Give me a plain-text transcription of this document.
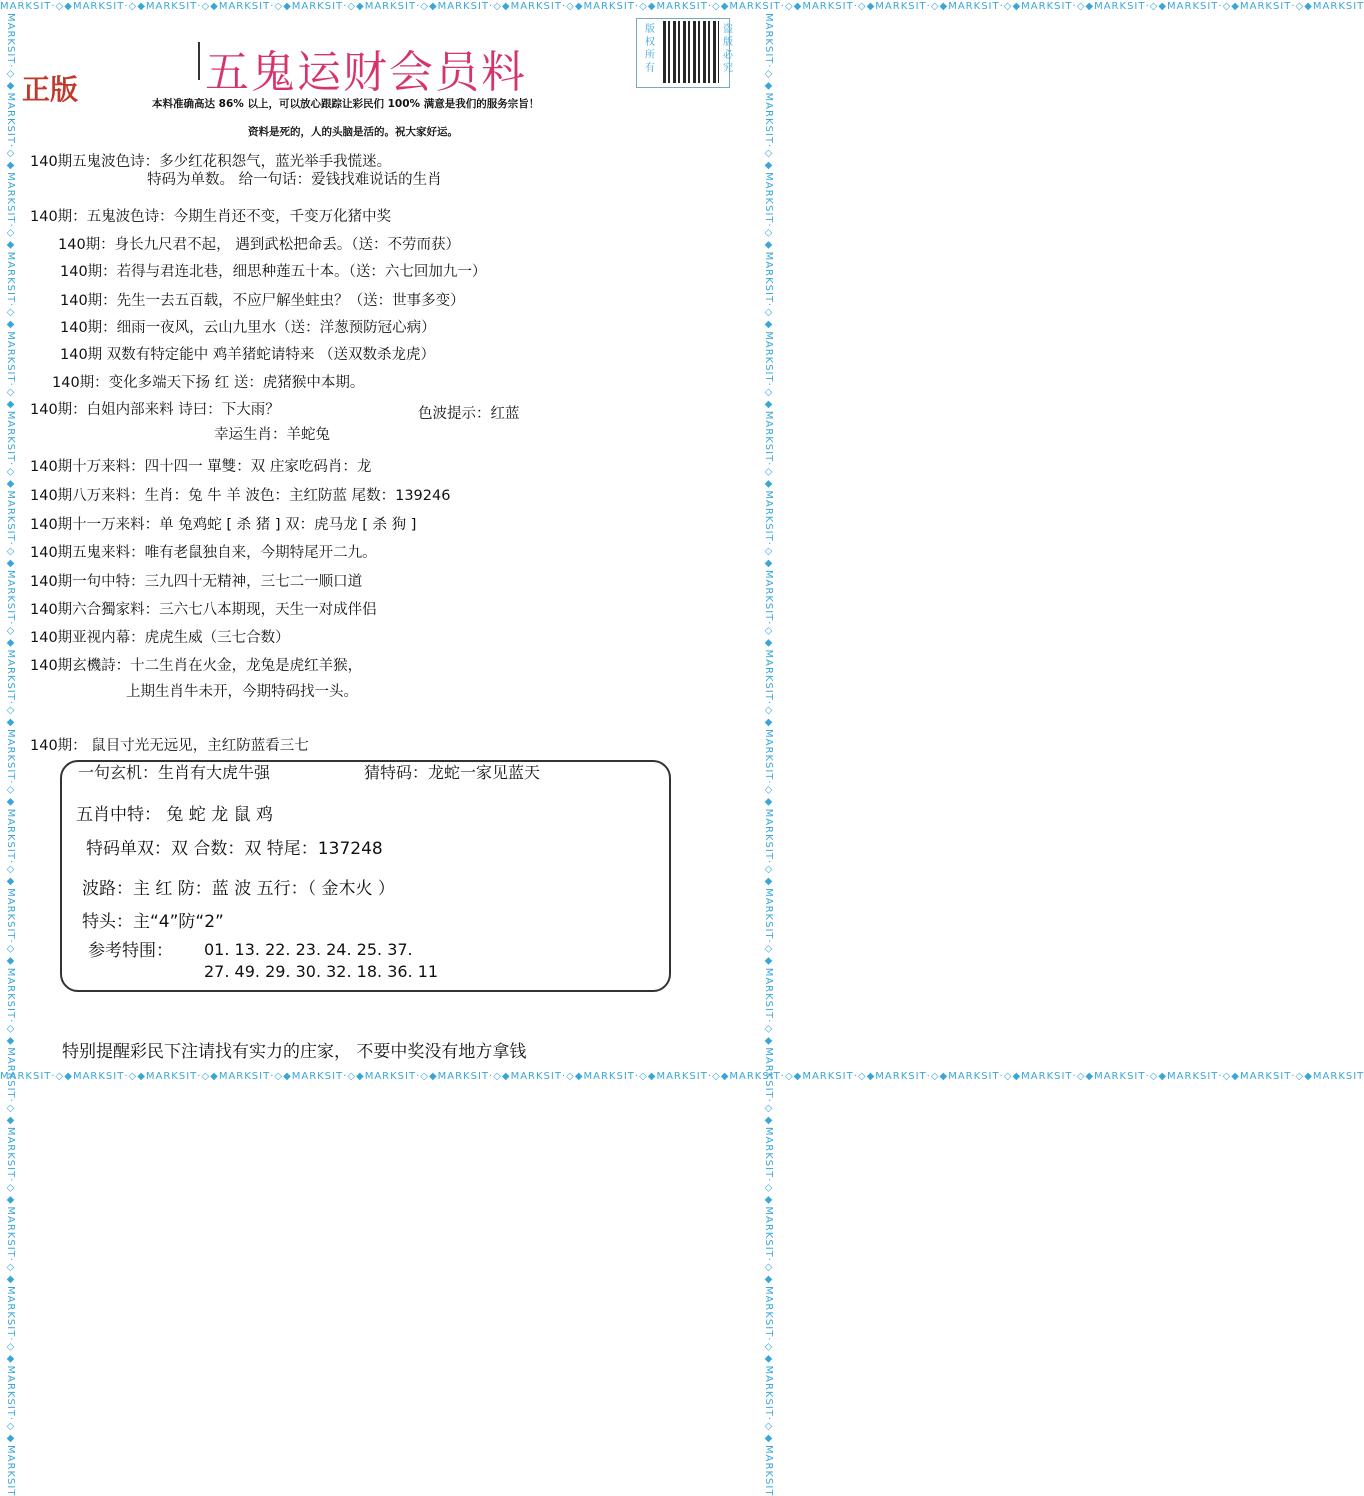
MARKSIT·◇◆MARKSIT·◇◆MARKSIT·◇◆MARKSIT·◇◆MARKSIT·◇◆MARKSIT·◇◆MARKSIT·◇◆MARKSIT·◇◆MARKSIT·◇◆MARKSIT·◇◆MARKSIT·◇◆MARKSIT·◇◆MARKSIT·◇◆MARKSIT·◇◆MARKSIT·◇◆MARKSIT·◇◆MARKSIT·◇◆MARKSIT·◇◆MARKSIT
MARKSIT·◇◆MARKSIT·◇◆MARKSIT·◇◆MARKSIT·◇◆MARKSIT·◇◆MARKSIT·◇◆MARKSIT·◇◆MARKSIT·◇◆MARKSIT·◇◆MARKSIT·◇◆MARKSIT·◇◆MARKSIT·◇◆MARKSIT·◇◆MARKSIT·◇◆MARKSIT·◇◆MARKSIT·◇◆MARKSIT·◇◆MARKSIT·◇◆MARKSIT
MARKSIT·◇◆MARKSIT·◇◆MARKSIT·◇◆MARKSIT·◇◆MARKSIT·◇◆MARKSIT·◇◆MARKSIT·◇◆MARKSIT·◇◆MARKSIT·◇◆MARKSIT·◇◆MARKSIT·◇◆MARKSIT·◇◆MARKSIT·◇◆MARKSIT·◇◆MARKSIT·◇◆MARKSIT·◇◆MARKSIT·◇◆MARKSIT·◇◆MARKSIT	MARKSIT·◇◆MARKSIT·◇◆MARKSIT·◇◆MARKSIT·◇◆MARKSIT·◇◆MARKSIT·◇◆MARKSIT·◇◆MARKSIT·◇◆MARKSIT·◇◆MARKSIT·◇◆MARKSIT·◇◆MARKSIT·◇◆MARKSIT·◇◆MARKSIT·◇◆MARKSIT·◇◆MARKSIT·◇◆MARKSIT·◇◆MARKSIT·◇◆MARKSIT
正版	五鬼运财会员料
版权所有
盗版必究
本料准确高达 86% 以上，可以放心跟踪让彩民们 100% 满意是我们的服务宗旨！
资料是死的，人的头脑是活的。祝大家好运。
140期五鬼波色诗：多少红花积怨气，蓝光举手我慌迷。
特码为单数。 给一句话：爱钱找难说话的生肖
140期：五鬼波色诗：今期生肖还不变，千变万化猪中奖
140期：身长九尺君不起， 遇到武松把命丢。（送：不劳而获）
140期：若得与君连北巷，细思种莲五十本。（送：六七回加九一）
140期：先生一去五百载，不应尸解坐蛀虫？（送：世事多变）
140期：细雨一夜风，云山九里水（送：洋葱预防冠心病）
140期 双数有特定能中 鸡羊猪蛇请特来 （送双数杀龙虎）
140期：变化多端天下扬 红 送：虎猪猴中本期。
140期：白姐内部来料 诗曰：下大雨？	色波提示：红蓝
幸运生肖：羊蛇兔
140期十万来料：四十四一 單雙：双 庄家吃码肖：龙
140期八万来料：生肖：兔 牛 羊 波色：主红防蓝 尾数：139246
140期十一万来料：单 兔鸡蛇 [ 杀 猪 ] 双：虎马龙 [ 杀 狗 ]
140期五鬼来料：唯有老鼠独自来，今期特尾开二九。
140期一句中特：三九四十无精神，三七二一顺口道
140期六合獨家料：三六七八本期现，天生一对成伴侣
140期亚视内幕：虎虎生威（三七合数）
140期玄機詩：十二生肖在火金，龙兔是虎红羊猴，
上期生肖牛未开，今期特码找一头。
140期： 鼠目寸光无远见，主红防蓝看三七
一句玄机：生肖有大虎牛强	猜特码：龙蛇一家见蓝天
五肖中特： 兔 蛇 龙 鼠 鸡
特码单双：双 合数：双 特尾：137248
波路：主 红 防：蓝 波 五行：（ 金木火 ）
特头：主“4”防“2”
参考特围： 01. 13. 22. 23. 24. 25. 37.
27. 49. 29. 30. 32. 18. 36. 11
特别提醒彩民下注请找有实力的庄家， 不要中奖没有地方拿钱
